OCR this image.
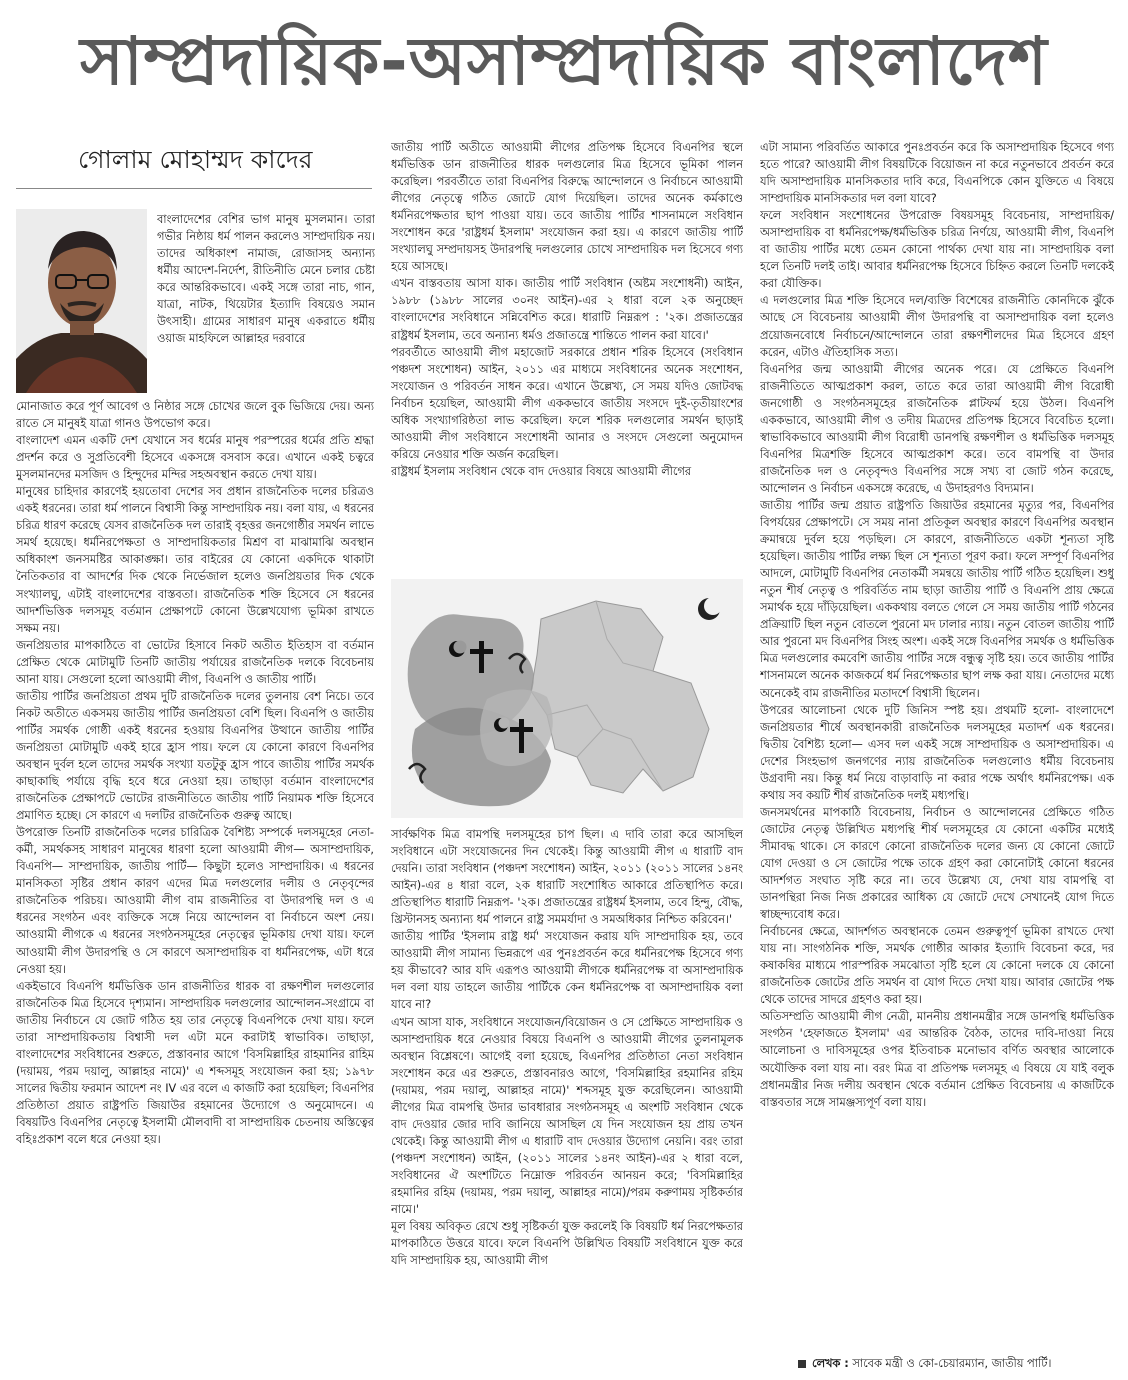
সাম্প্রদায়িক-অসাম্প্রদায়িক বাংলাদেশ
গোলাম মোহাম্মদ কাদের

বাংলাদেশের বেশির ভাগ মানুষ মুসলমান। তারা গভীর নিষ্ঠায় ধর্ম পালন করলেও সাম্প্রদায়িক নয়। তাদের অধিকাংশ নামাজ, রোজাসহ অন্যান্য ধর্মীয় আদেশ-নির্দেশ, রীতিনীতি মেনে চলার চেষ্টা করে আন্তরিকভাবে। একই সঙ্গে তারা নাচ, গান, যাত্রা, নাটক, থিয়েটার ইত্যাদি বিষয়েও সমান উৎসাহী। গ্রামের সাধারণ মানুষ একরাতে ধর্মীয় ওয়াজ মাহফিলে আল্লাহর দরবারে

মোনাজাত করে পূর্ণ আবেগ ও নিষ্ঠার সঙ্গে চোখের জলে বুক ভিজিয়ে দেয়। অন্য রাতে সে মানুষই যাত্রা গানও উপভোগ করে।

বাংলাদেশ এমন একটি দেশ যেখানে সব ধর্মের মানুষ পরস্পরের ধর্মের প্রতি শ্রদ্ধা প্রদর্শন করে ও সুপ্রতিবেশী হিসেবে একসঙ্গে বসবাস করে। এখানে একই চত্বরে মুসলমানদের মসজিদ ও হিন্দুদের মন্দির সহঅবস্থান করতে দেখা যায়।

মানুষের চাহিদার কারণেই হয়তোবা দেশের সব প্রধান রাজনৈতিক দলের চরিত্রও একই ধরনের। তারা ধর্ম পালনে বিশ্বাসী কিন্তু সাম্প্রদায়িক নয়। বলা যায়, এ ধরনের চরিত্র ধারণ করেছে যেসব রাজনৈতিক দল তারাই বৃহত্তর জনগোষ্ঠীর সমর্থন লাভে সমর্থ হয়েছে। ধর্মনিরপেক্ষতা ও সাম্প্রদায়িকতার মিশ্রণ বা মাঝামাঝি অবস্থান অধিকাংশ জনসমষ্টির আকাঙ্ক্ষা। তার বাইরের যে কোনো একদিকে থাকাটা নৈতিকতার বা আদর্শের দিক থেকে নির্ভেজাল হলেও জনপ্রিয়তার দিক থেকে সংখ্যালঘু, এটাই বাংলাদেশের বাস্তবতা। রাজনৈতিক শক্তি হিসেবে সে ধরনের আদর্শভিত্তিক দলসমূহ বর্তমান প্রেক্ষাপটে কোনো উল্লেখযোগ্য ভূমিকা রাখতে সক্ষম নয়।

জনপ্রিয়তার মাপকাঠিতে বা ভোটের হিসাবে নিকট অতীত ইতিহাস বা বর্তমান প্রেক্ষিত থেকে মোটামুটি তিনটি জাতীয় পর্যায়ের রাজনৈতিক দলকে বিবেচনায় আনা যায়। সেগুলো হলো আওয়ামী লীগ, বিএনপি ও জাতীয় পার্টি।

জাতীয় পার্টির জনপ্রিয়তা প্রথম দুটি রাজনৈতিক দলের তুলনায় বেশ নিচে। তবে নিকট অতীতে একসময় জাতীয় পার্টির জনপ্রিয়তা বেশি ছিল। বিএনপি ও জাতীয় পার্টির সমর্থক গোষ্ঠী একই ধরনের হওয়ায় বিএনপির উত্থানে জাতীয় পার্টির জনপ্রিয়তা মোটামুটি একই হারে হ্রাস পায়। ফলে যে কোনো কারণে বিএনপির অবস্থান দুর্বল হলে তাদের সমর্থক সংখ্যা যতটুকু হ্রাস পাবে জাতীয় পার্টির সমর্থক কাছাকাছি পর্যায়ে বৃদ্ধি হবে ধরে নেওয়া হয়। তাছাড়া বর্তমান বাংলাদেশের রাজনৈতিক প্রেক্ষাপটে ভোটের রাজনীতিতে জাতীয় পার্টি নিয়ামক শক্তি হিসেবে প্রমাণিত হচ্ছে। সে কারণে এ দলটির রাজনৈতিক গুরুত্ব আছে।

উপরোক্ত তিনটি রাজনৈতিক দলের চারিত্রিক বৈশিষ্ট্য সম্পর্কে দলসমূহের নেতা-কর্মী, সমর্থকসহ সাধারণ মানুষের ধারণা হলো আওয়ামী লীগ— অসাম্প্রদায়িক, বিএনপি— সাম্প্রদায়িক, জাতীয় পার্টি— কিছুটা হলেও সাম্প্রদায়িক। এ ধরনের মানসিকতা সৃষ্টির প্রধান কারণ এদের মিত্র দলগুলোর দলীয় ও নেতৃবৃন্দের রাজনৈতিক পরিচয়। আওয়ামী লীগ বাম রাজনীতির বা উদারপন্থি দল ও এ ধরনের সংগঠন এবং ব্যক্তিকে সঙ্গে নিয়ে আন্দোলন বা নির্বাচনে অংশ নেয়। আওয়ামী লীগকে এ ধরনের সংগঠনসমূহের নেতৃত্বের ভূমিকায় দেখা যায়। ফলে আওয়ামী লীগ উদারপন্থি ও সে কারণে অসাম্প্রদায়িক বা ধর্মনিরপেক্ষ, এটা ধরে নেওয়া হয়।

একইভাবে বিএনপি ধর্মভিত্তিক ডান রাজনীতির ধারক বা রক্ষণশীল দলগুলোর রাজনৈতিক মিত্র হিসেবে দৃশ্যমান। সাম্প্রদায়িক দলগুলোর আন্দোলন-সংগ্রামে বা জাতীয় নির্বাচনে যে জোট গঠিত হয় তার নেতৃত্বে বিএনপিকে দেখা যায়। ফলে তারা সাম্প্রদায়িকতায় বিশ্বাসী দল এটা মনে করাটাই স্বাভাবিক। তাছাড়া, বাংলাদেশের সংবিধানের শুরুতে, প্রস্তাবনার আগে 'বিসমিল্লাহির রাহমানির রাহিম (দয়াময়, পরম দয়ালু, আল্লাহর নামে)' এ শব্দসমূহ সংযোজন করা হয়; ১৯৭৮ সালের দ্বিতীয় ফরমান আদেশ নং IV এর বলে এ কাজটি করা হয়েছিল; বিএনপির প্রতিষ্ঠাতা প্রয়াত রাষ্ট্রপতি জিয়াউর রহমানের উদ্যোগে ও অনুমোদনে। এ বিষয়টিও বিএনপির নেতৃত্বে ইসলামী মৌলবাদী বা সাম্প্রদায়িক চেতনায় অস্তিত্বের বহিঃপ্রকাশ বলে ধরে নেওয়া হয়।

জাতীয় পার্টি অতীতে আওয়ামী লীগের প্রতিপক্ষ হিসেবে বিএনপির স্থলে ধর্মভিত্তিক ডান রাজনীতির ধারক দলগুলোর মিত্র হিসেবে ভূমিকা পালন করেছিল। পরবর্তীতে তারা বিএনপির বিরুদ্ধে আন্দোলনে ও নির্বাচনে আওয়ামী লীগের নেতৃত্বে গঠিত জোটে যোগ দিয়েছিল। তাদের অনেক কর্মকাণ্ডে ধর্মনিরপেক্ষতার ছাপ পাওয়া যায়। তবে জাতীয় পার্টির শাসনামলে সংবিধান সংশোধন করে 'রাষ্ট্রধর্ম ইসলাম' সংযোজন করা হয়। এ কারণে জাতীয় পার্টি সংখ্যালঘু সম্প্রদায়সহ উদারপন্থি দলগুলোর চোখে সাম্প্রদায়িক দল হিসেবে গণ্য হয়ে আসছে।

এখন বাস্তবতায় আসা যাক। জাতীয় পার্টি সংবিধান (অষ্টম সংশোধনী) আইন, ১৯৮৮ (১৯৮৮ সালের ৩০নং আইন)-এর ২ ধারা বলে ২ক অনুচ্ছেদ বাংলাদেশের সংবিধানে সন্নিবেশিত করে। ধারাটি নিম্নরূপ : '২ক। প্রজাতন্ত্রের রাষ্ট্রধর্ম ইসলাম, তবে অন্যান্য ধর্মও প্রজাতন্ত্রে শান্তিতে পালন করা যাবে।'

পরবর্তীতে আওয়ামী লীগ মহাজোট সরকারে প্রধান শরিক হিসেবে (সংবিধান পঞ্চদশ সংশোধন) আইন, ২০১১ এর মাধ্যমে সংবিধানের অনেক সংশোধন, সংযোজন ও পরিবর্তন সাধন করে। এখানে উল্লেখ্য, সে সময় যদিও জোটবদ্ধ নির্বাচন হয়েছিল, আওয়ামী লীগ এককভাবে জাতীয় সংসদে দুই-তৃতীয়াংশের অধিক সংখ্যাগরিষ্ঠতা লাভ করেছিল। ফলে শরিক দলগুলোর সমর্থন ছাড়াই আওয়ামী লীগ সংবিধানে সংশোধনী আনার ও সংসদে সেগুলো অনুমোদন করিয়ে নেওয়ার শক্তি অর্জন করেছিল।

রাষ্ট্রধর্ম ইসলাম সংবিধান থেকে বাদ দেওয়ার বিষয়ে আওয়ামী লীগের

সার্বক্ষণিক মিত্র বামপন্থি দলসমূহের চাপ ছিল। এ দাবি তারা করে আসছিল সংবিধানে এটা সংযোজনের দিন থেকেই। কিন্তু আওয়ামী লীগ এ ধারাটি বাদ দেয়নি। তারা সংবিধান (পঞ্চদশ সংশোধন) আইন, ২০১১ (২০১১ সালের ১৪নং আইন)-এর ৪ ধারা বলে, ২ক ধারাটি সংশোধিত আকারে প্রতিস্থাপিত করে। প্রতিস্থাপিত ধারাটি নিম্নরূপ- '২ক। প্রজাতন্ত্রের রাষ্ট্রধর্ম ইসলাম, তবে হিন্দু, বৌদ্ধ, খ্রিস্টানসহ অন্যান্য ধর্ম পালনে রাষ্ট্র সমমর্যাদা ও সমঅধিকার নিশ্চিত করিবেন।'

জাতীয় পার্টির 'ইসলাম রাষ্ট্র ধর্ম' সংযোজন করায় যদি সাম্প্রদায়িক হয়, তবে আওয়ামী লীগ সামান্য ভিন্নরূপে এর পুনঃপ্রবর্তন করে ধর্মনিরপেক্ষ হিসেবে গণ্য হয় কীভাবে? আর যদি এরূপও আওয়ামী লীগকে ধর্মনিরপেক্ষ বা অসাম্প্রদায়িক দল বলা যায় তাহলে জাতীয় পার্টিকে কেন ধর্মনিরপেক্ষ বা অসাম্প্রদায়িক বলা যাবে না?

এখন আসা যাক, সংবিধানে সংযোজন/বিয়োজন ও সে প্রেক্ষিতে সাম্প্রদায়িক ও অসাম্প্রদায়িক ধরে নেওয়ার বিষয়ে বিএনপি ও আওয়ামী লীগের তুলনামূলক অবস্থান বিশ্লেষণে। আগেই বলা হয়েছে, বিএনপির প্রতিষ্ঠাতা নেতা সংবিধান সংশোধন করে এর শুরুতে, প্রস্তাবনারও আগে, 'বিসমিল্লাহির রহমানির রহিম (দয়াময়, পরম দয়ালু, আল্লাহর নামে)' শব্দসমূহ যুক্ত করেছিলেন। আওয়ামী লীগের মিত্র বামপন্থি উদার ভাবধারার সংগঠনসমূহ এ অংশটি সংবিধান থেকে বাদ দেওয়ার জোর দাবি জানিয়ে আসছিল যে দিন সংযোজন হয় প্রায় তখন থেকেই। কিন্তু আওয়ামী লীগ এ ধারাটি বাদ দেওয়ার উদ্যোগ নেয়নি। বরং তারা (পঞ্চদশ সংশোধন) আইন, (২০১১ সালের ১৪নং আইন)-এর ২ ধারা বলে, সংবিধানের ঐ অংশটিতে নিম্নোক্ত পরিবর্তন আনয়ন করে; 'বিসমিল্লাহির রহমানির রহিম (দয়াময়, পরম দয়ালু, আল্লাহর নামে)/পরম করুণাময় সৃষ্টিকর্তার নামে।'

মূল বিষয় অবিকৃত রেখে শুধু সৃষ্টিকর্তা যুক্ত করলেই কি বিষয়টি ধর্ম নিরপেক্ষতার মাপকাঠিতে উত্তরে যাবে। ফলে বিএনপি উল্লিখিত বিষয়টি সংবিধানে যুক্ত করে যদি সাম্প্রদায়িক হয়, আওয়ামী লীগ

এটা সামান্য পরিবর্তিত আকারে পুনঃপ্রবর্তন করে কি অসাম্প্রদায়িক হিসেবে গণ্য হতে পারে? আওয়ামী লীগ বিষয়টিকে বিয়োজন না করে নতুনভাবে প্রবর্তন করে যদি অসাম্প্রদায়িক মানসিকতার দাবি করে, বিএনপিকে কোন যুক্তিতে এ বিষয়ে সাম্প্রদায়িক মানসিকতার দল বলা যাবে?

ফলে সংবিধান সংশোধনের উপরোক্ত বিষয়সমূহ বিবেচনায়, সাম্প্রদায়িক/অসাম্প্রদায়িক বা ধর্মনিরপেক্ষ/ধর্মভিত্তিক চরিত্র নির্ণয়ে, আওয়ামী লীগ, বিএনপি বা জাতীয় পার্টির মধ্যে তেমন কোনো পার্থক্য দেখা যায় না। সাম্প্রদায়িক বলা হলে তিনটি দলই তাই। আবার ধর্মনিরপেক্ষ হিসেবে চিহ্নিত করলে তিনটি দলকেই করা যৌক্তিক।

এ দলগুলোর মিত্র শক্তি হিসেবে দল/ব্যক্তি বিশেষের রাজনীতি কোনদিকে ঝুঁকে আছে সে বিবেচনায় আওয়ামী লীগ উদারপন্থি বা অসাম্প্রদায়িক বলা হলেও প্রয়োজনবোধে নির্বাচনে/আন্দোলনে তারা রক্ষণশীলদের মিত্র হিসেবে গ্রহণ করেন, এটাও ঐতিহাসিক সত্য।

বিএনপির জন্ম আওয়ামী লীগের অনেক পরে। যে প্রেক্ষিতে বিএনপি রাজনীতিতে আত্মপ্রকাশ করল, তাতে করে তারা আওয়ামী লীগ বিরোধী জনগোষ্ঠী ও সংগঠনসমূহের রাজনৈতিক প্লাটফর্ম হয়ে উঠল। বিএনপি এককভাবে, আওয়ামী লীগ ও তদীয় মিত্রদের প্রতিপক্ষ হিসেবে বিবেচিত হলো। স্বাভাবিকভাবে আওয়ামী লীগ বিরোধী ডানপন্থি রক্ষণশীল ও ধর্মভিত্তিক দলসমূহ বিএনপির মিত্রশক্তি হিসেবে আত্মপ্রকাশ করে। তবে বামপন্থি বা উদার রাজনৈতিক দল ও নেতৃবৃন্দও বিএনপির সঙ্গে সখ্য বা জোট গঠন করেছে, আন্দোলন ও নির্বাচন একসঙ্গে করেছে, এ উদাহরণও বিদ্যমান।

জাতীয় পার্টির জন্ম প্রয়াত রাষ্ট্রপতি জিয়াউর রহমানের মৃত্যুর পর, বিএনপির বিপর্যয়ের প্রেক্ষাপটে। সে সময় নানা প্রতিকূল অবস্থার কারণে বিএনপির অবস্থান ক্রমান্বয়ে দুর্বল হয়ে পড়ছিল। সে কারণে, রাজনীতিতে একটা শূন্যতা সৃষ্টি হয়েছিল। জাতীয় পার্টির লক্ষ্য ছিল সে শূন্যতা পূরণ করা। ফলে সম্পূর্ণ বিএনপির আদলে, মোটামুটি বিএনপির নেতাকর্মী সমন্বয়ে জাতীয় পার্টি গঠিত হয়েছিল। শুধু নতুন শীর্ষ নেতৃত্ব ও পরিবর্তিত নাম ছাড়া জাতীয় পার্টি ও বিএনপি প্রায় ক্ষেত্রে সমার্থক হয়ে দাঁড়িয়েছিল। এককথায় বলতে গেলে সে সময় জাতীয় পার্টি গঠনের প্রক্রিয়াটি ছিল নতুন বোতলে পুরনো মদ ঢালার ন্যায়। নতুন বোতল জাতীয় পার্টি আর পুরনো মদ বিএনপির সিংহ অংশ। একই সঙ্গে বিএনপির সমর্থক ও ধর্মভিত্তিক মিত্র দলগুলোর কমবেশি জাতীয় পার্টির সঙ্গে বন্ধুত্ব সৃষ্টি হয়। তবে জাতীয় পার্টির শাসনামলে অনেক কাজকর্মে ধর্ম নিরপেক্ষতার ছাপ লক্ষ করা যায়। নেতাদের মধ্যে অনেকেই বাম রাজনীতির মতাদর্শে বিশ্বাসী ছিলেন।

উপরের আলোচনা থেকে দুটি জিনিস স্পষ্ট হয়। প্রথমটি হলো- বাংলাদেশে জনপ্রিয়তার শীর্ষে অবস্থানকারী রাজনৈতিক দলসমূহের মতাদর্শ এক ধরনের। দ্বিতীয় বৈশিষ্ট্য হলো— এসব দল একই সঙ্গে সাম্প্রদায়িক ও অসাম্প্রদায়িক। এ দেশের সিংহভাগ জনগণের ন্যায় রাজনৈতিক দলগুলোও ধর্মীয় বিবেচনায় উগ্রবাদী নয়। কিন্তু ধর্ম নিয়ে বাড়াবাড়ি না করার পক্ষে অর্থাৎ ধর্মনিরপেক্ষ। এক কথায় সব কয়টি শীর্ষ রাজনৈতিক দলই মধ্যপন্থি।

জনসমর্থনের মাপকাঠি বিবেচনায়, নির্বাচন ও আন্দোলনের প্রেক্ষিতে গঠিত জোটের নেতৃত্ব উল্লিখিত মধ্যপন্থি শীর্ষ দলসমূহের যে কোনো একটির মধ্যেই সীমাবদ্ধ থাকে। সে কারণে কোনো রাজনৈতিক দলের জন্য যে কোনো জোটে যোগ দেওয়া ও সে জোটের পক্ষে তাকে গ্রহণ করা কোনোটাই কোনো ধরনের আদর্শগত সংঘাত সৃষ্টি করে না। তবে উল্লেখ্য যে, দেখা যায় বামপন্থি বা ডানপন্থিরা নিজ নিজ প্রকারের আধিক্য যে জোটে দেখে সেখানেই যোগ দিতে স্বাচ্ছন্দ্যবোধ করে।

নির্বাচনের ক্ষেত্রে, আদর্শগত অবস্থানকে তেমন গুরুত্বপূর্ণ ভূমিকা রাখতে দেখা যায় না। সাংগঠনিক শক্তি, সমর্থক গোষ্ঠীর আকার ইত্যাদি বিবেচনা করে, দর কষাকষির মাধ্যমে পারস্পরিক সমঝোতা সৃষ্টি হলে যে কোনো দলকে যে কোনো রাজনৈতিক জোটের প্রতি সমর্থন বা যোগ দিতে দেখা যায়। আবার জোটের পক্ষ থেকে তাদের সাদরে গ্রহণও করা হয়।

অতিসম্প্রতি আওয়ামী লীগ নেত্রী, মাননীয় প্রধানমন্ত্রীর সঙ্গে ডানপন্থি ধর্মভিত্তিক সংগঠন 'হেফাজতে ইসলাম' এর আন্তরিক বৈঠক, তাদের দাবি-দাওয়া নিয়ে আলোচনা ও দাবিসমূহের ওপর ইতিবাচক মনোভাব বর্ণিত অবস্থার আলোকে অযৌক্তিক বলা যায় না। বরং মিত্র বা প্রতিপক্ষ দলসমূহ এ বিষয়ে যে যাই বলুক প্রধানমন্ত্রীর নিজ দলীয় অবস্থান থেকে বর্তমান প্রেক্ষিত বিবেচনায় এ কাজটিকে বাস্তবতার সঙ্গে সামঞ্জস্যপূর্ণ বলা যায়।

লেখক : সাবেক মন্ত্রী ও কো-চেয়ারম্যান, জাতীয় পার্টি।
